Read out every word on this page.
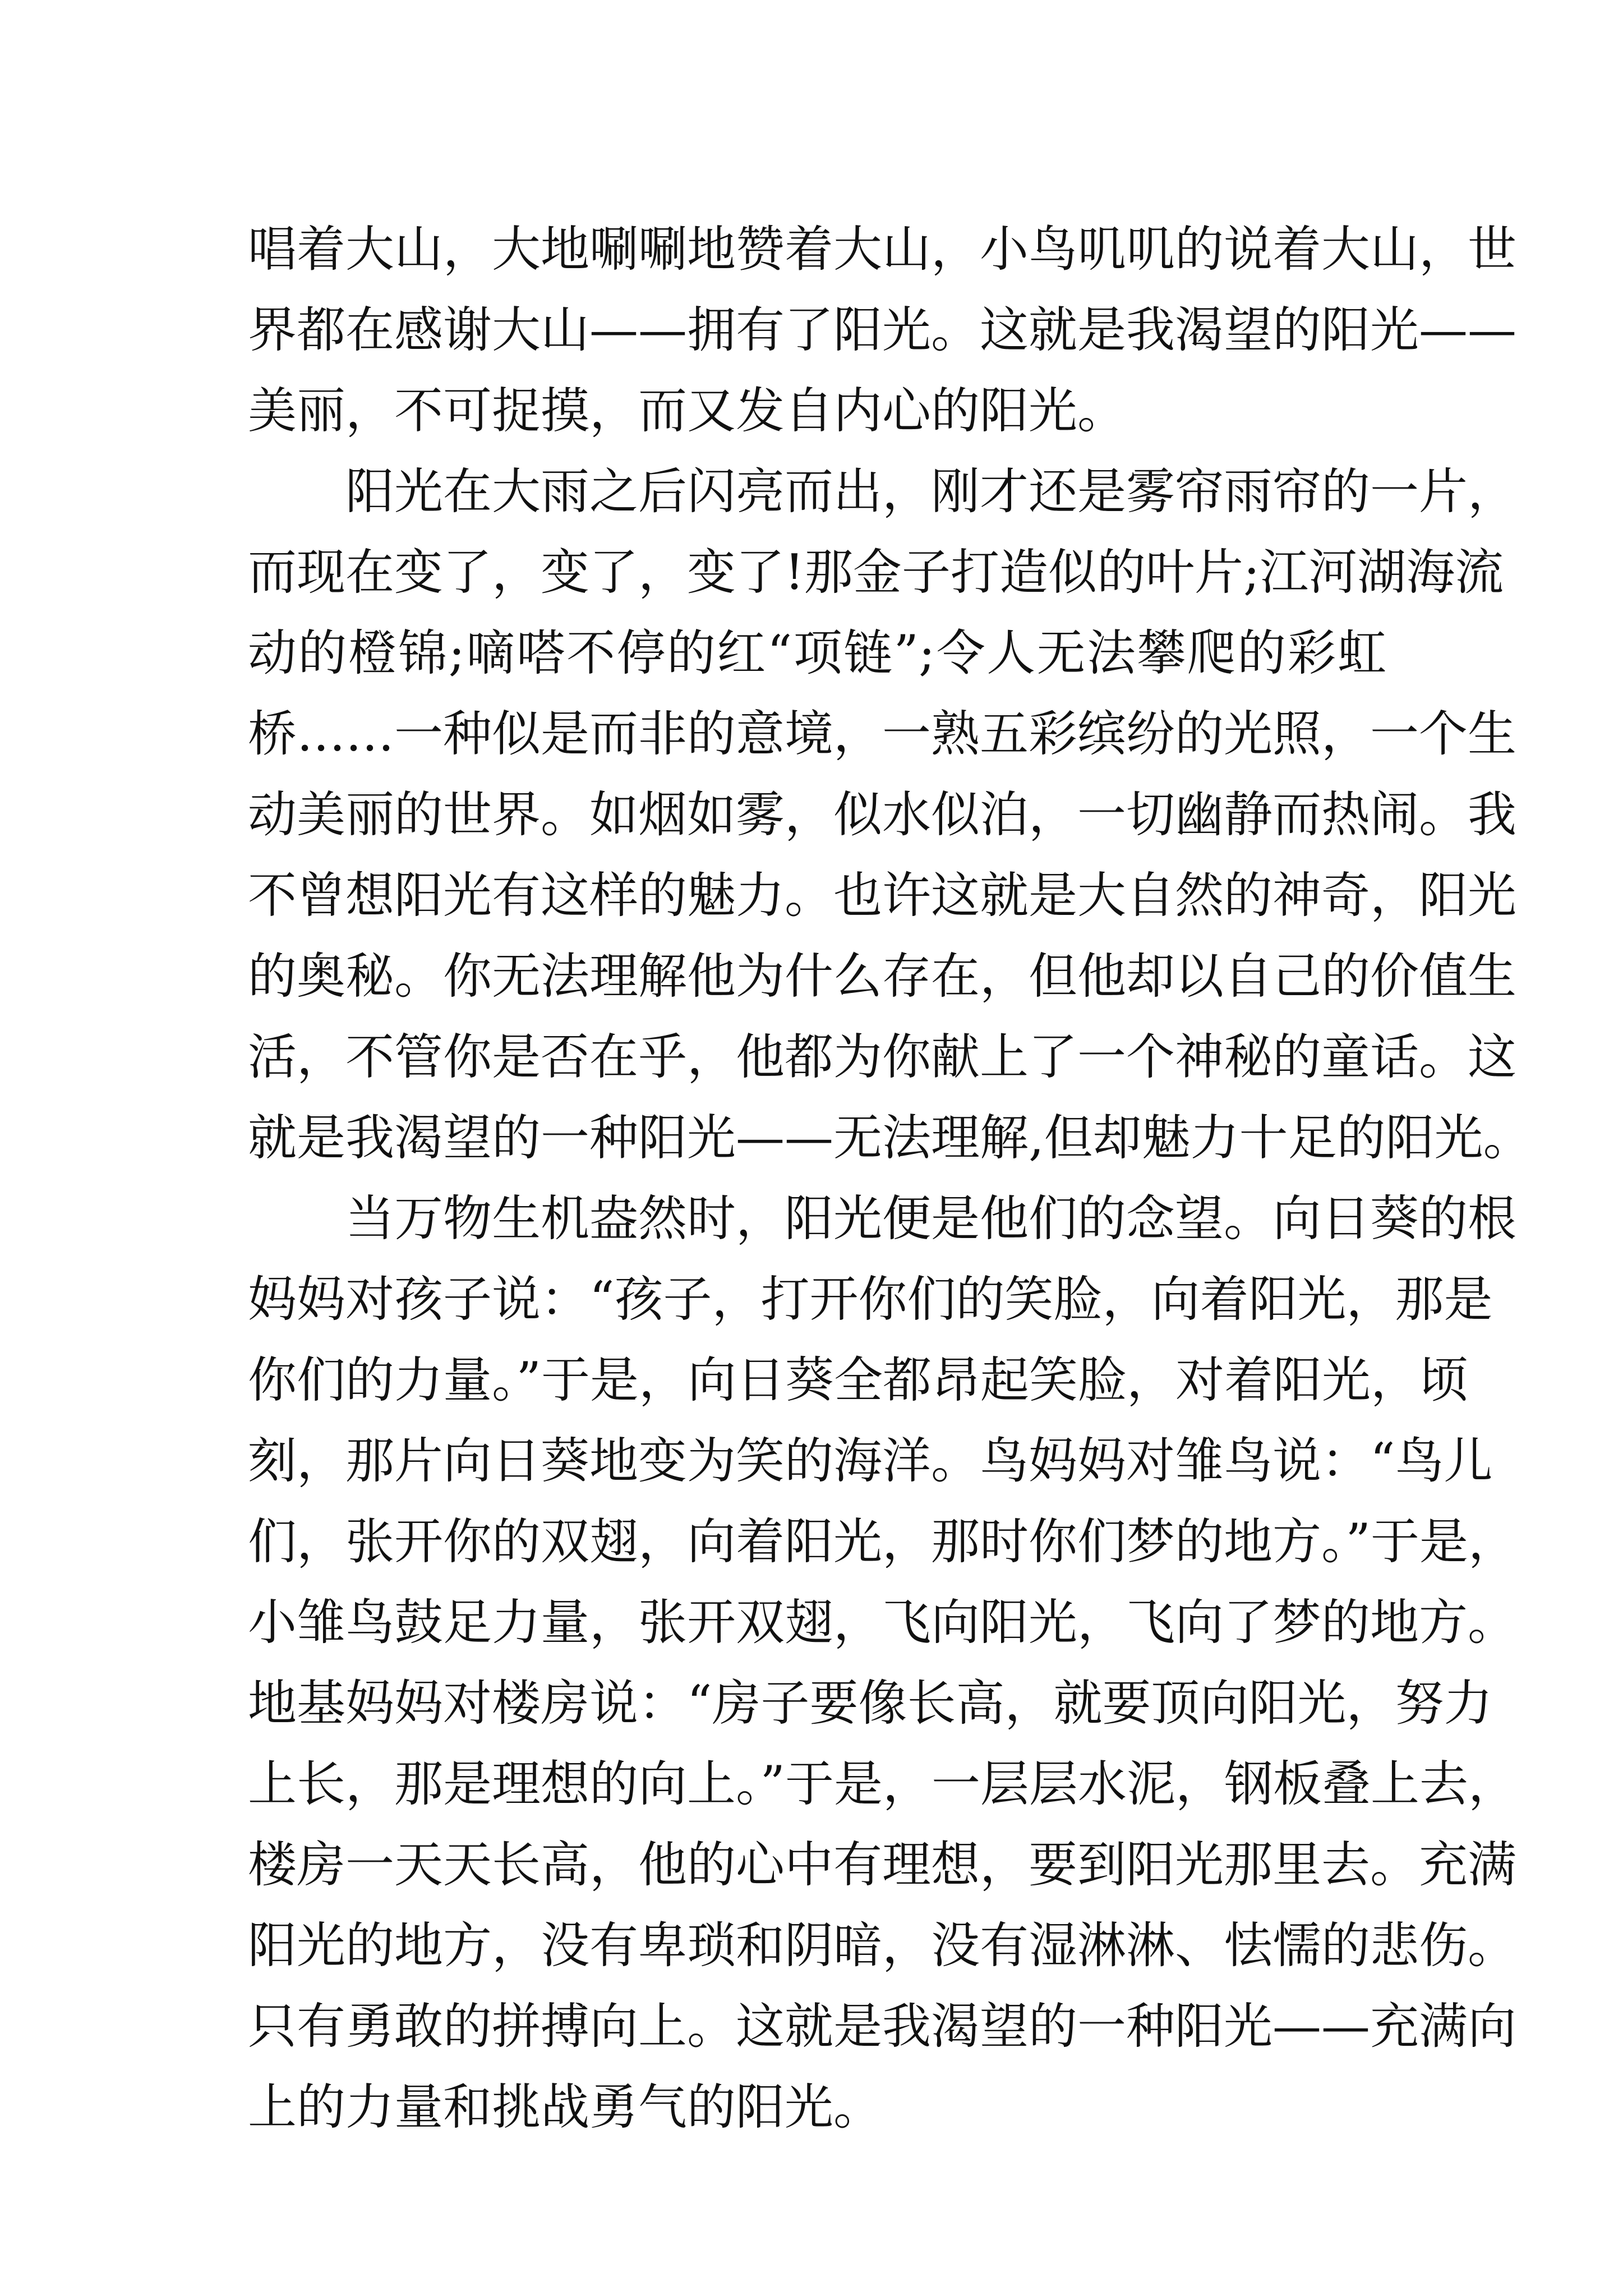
唱着大山，大地唰唰地赞着大山，小鸟叽叽的说着大山，世
界都在感谢大山——拥有了阳光。这就是我渴望的阳光——
美丽，不可捉摸，而又发自内心的阳光。
阳光在大雨之后闪亮而出，刚才还是雾帘雨帘的一片，
而现在变了，变了，变了!那金子打造似的叶片;江河湖海流
动的橙锦;嘀嗒不停的红“项链”;令人无法攀爬的彩虹
桥……一种似是而非的意境，一熟五彩缤纷的光照，一个生
动美丽的世界。如烟如雾，似水似泊，一切幽静而热闹。我
不曾想阳光有这样的魅力。也许这就是大自然的神奇，阳光
的奥秘。你无法理解他为什么存在，但他却以自己的价值生
活，不管你是否在乎，他都为你献上了一个神秘的童话。这
就是我渴望的一种阳光——无法理解,但却魅力十足的阳光。
当万物生机盎然时，阳光便是他们的念望。向日葵的根
妈妈对孩子说：“孩子，打开你们的笑脸，向着阳光，那是
你们的力量。”于是，向日葵全都昂起笑脸，对着阳光，顷
刻，那片向日葵地变为笑的海洋。鸟妈妈对雏鸟说：“鸟儿
们，张开你的双翅，向着阳光，那时你们梦的地方。”于是，
小雏鸟鼓足力量，张开双翅，飞向阳光，飞向了梦的地方。
地基妈妈对楼房说：“房子要像长高，就要顶向阳光，努力
上长，那是理想的向上。”于是，一层层水泥，钢板叠上去，
楼房一天天长高，他的心中有理想，要到阳光那里去。充满
阳光的地方，没有卑琐和阴暗，没有湿淋淋、怯懦的悲伤。
只有勇敢的拼搏向上。这就是我渴望的一种阳光——充满向
上的力量和挑战勇气的阳光。
